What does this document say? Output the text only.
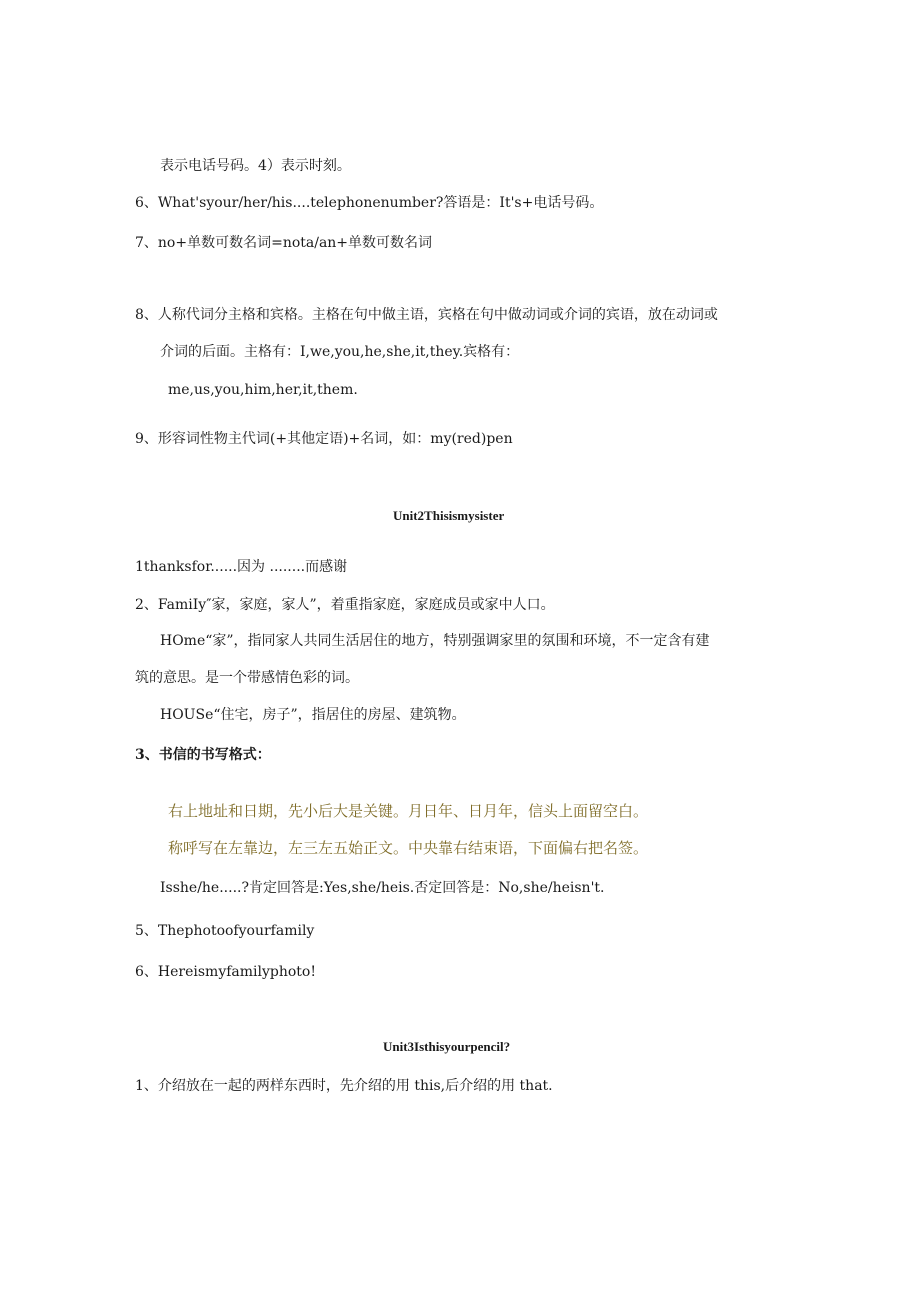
表示电话号码。4）表示时刻。
6、What'syour/her/his....telephonenumber?答语是：It's+电话号码。
7、no+单数可数名词=nota∕an+单数可数名词
8、人称代词分主格和宾格。主格在句中做主语，宾格在句中做动词或介词的宾语，放在动词或
介词的后面。主格有：I,we,you,he,she,it,they.宾格有：
me,us,you,him,her,it,them.
9、形容词性物主代词(+其他定语)+名词，如：my(red)pen
Unit2Thisismysister
1thanksfor......因为 ........而感谢
2、FamiIy″家，家庭，家人”，着重指家庭，家庭成员或家中人口。
HOme“家”，指同家人共同生活居住的地方，特别强调家里的氛围和环境，不一定含有建
筑的意思。是一个带感情色彩的词。
HOUSe“住宅，房子”，指居住的房屋、建筑物。
3、书信的书写格式：
右上地址和日期，先小后大是关键。月日年、日月年，信头上面留空白。
称呼写在左靠边，左三左五始正文。中央靠右结束语，下面偏右把名签。
Isshe/he.....?肯定回答是:Yes,she/heis.否定回答是：No,she/heisn't.
5、Thephotoofyourfamily
6、Hereismyfamilyphoto!
Unit3Isthisyourpencil?
1、介绍放在一起的两样东西时，先介绍的用 this,后介绍的用 that.
